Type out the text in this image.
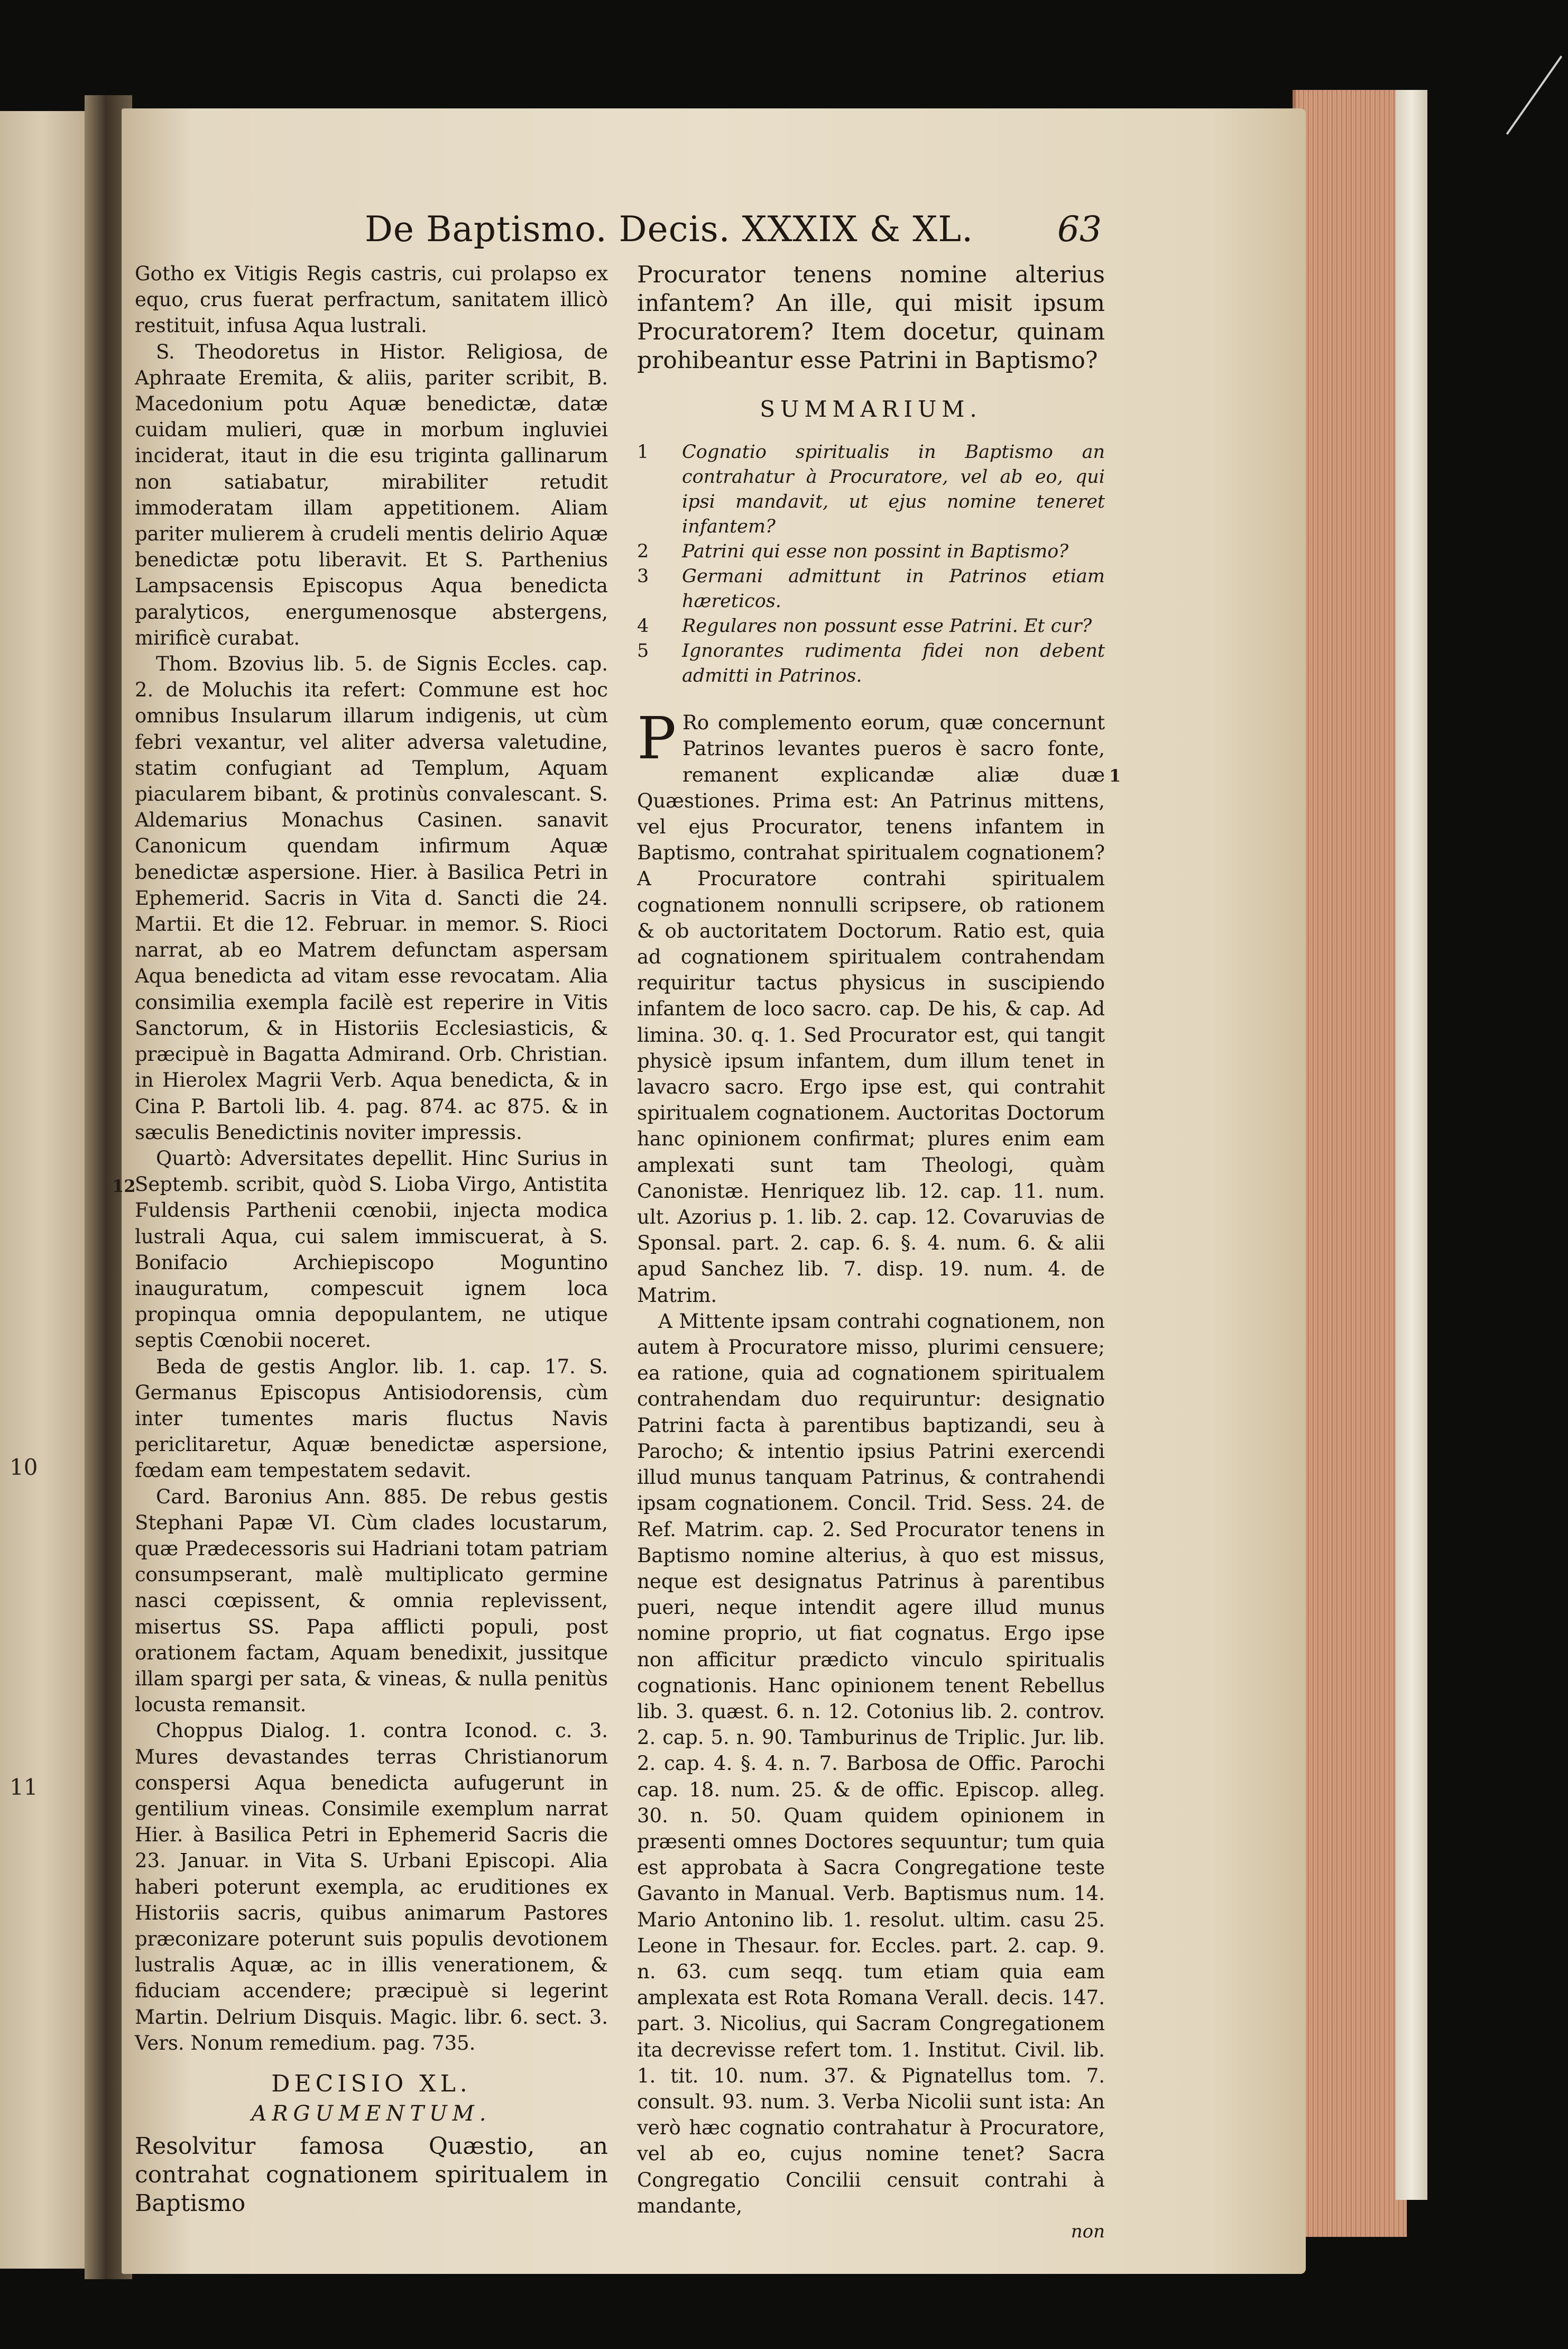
10
11
De Baptismo. Decis. XXXIX & XL. 63
12
1

Gotho ex Vitigis Regis castris, cui prolapso ex equo, crus fuerat perfractum, sanitatem illicò restituit, infusa Aqua lustrali.

S. Theodoretus in Histor. Religiosa, de Aphraate Eremita, & aliis, pariter scribit, B. Macedonium potu Aquæ benedictæ, datæ cuidam mulieri, quæ in morbum ingluviei inciderat, itaut in die esu triginta gallinarum non satiabatur, mirabiliter retudit immoderatam illam appetitionem. Aliam pariter mulierem à crudeli mentis delirio Aquæ benedictæ potu liberavit. Et S. Parthenius Lampsacensis Episcopus Aqua benedicta paralyticos, energumenosque abstergens, mirificè curabat.

Thom. Bzovius lib. 5. de Signis Eccles. cap. 2. de Moluchis ita refert: Commune est hoc omnibus Insularum illarum indigenis, ut cùm febri vexantur, vel aliter adversa valetudine, statim confugiant ad Templum, Aquam piacularem bibant, & protinùs convalescant. S. Aldemarius Monachus Casinen. sanavit Canonicum quendam infirmum Aquæ benedictæ aspersione. Hier. à Basilica Petri in Ephemerid. Sacris in Vita d. Sancti die 24. Martii. Et die 12. Februar. in memor. S. Rioci narrat, ab eo Matrem defunctam aspersam Aqua benedicta ad vitam esse revocatam. Alia consimilia exempla facilè est reperire in Vitis Sanctorum, & in Historiis Ecclesiasticis, & præcipuè in Bagatta Admirand. Orb. Christian. in Hierolex Magrii Verb. Aqua benedicta, & in Cina P. Bartoli lib. 4. pag. 874. ac 875. & in sæculis Benedictinis noviter impressis.

Quartò: Adversitates depellit. Hinc Surius in Septemb. scribit, quòd S. Lioba Virgo, Antistita Fuldensis Parthenii cœnobii, injecta modica lustrali Aqua, cui salem immiscuerat, à S. Bonifacio Archiepiscopo Moguntino inauguratum, compescuit ignem loca propinqua omnia depopulantem, ne utique septis Cœnobii noceret.

Beda de gestis Anglor. lib. 1. cap. 17. S. Germanus Episcopus Antisiodorensis, cùm inter tumentes maris fluctus Navis periclitaretur, Aquæ benedictæ aspersione, fœdam eam tempestatem sedavit.

Card. Baronius Ann. 885. De rebus gestis Stephani Papæ VI. Cùm clades locustarum, quæ Prædecessoris sui Hadriani totam patriam consumpserant, malè multiplicato germine nasci cœpissent, & omnia replevissent, misertus SS. Papa afflicti populi, post orationem factam, Aquam benedixit, jussitque illam spargi per sata, & vineas, & nulla penitùs locusta remansit.

Choppus Dialog. 1. contra Iconod. c. 3. Mures devastandes terras Christianorum conspersi Aqua benedicta aufugerunt in gentilium vineas. Consimile exemplum narrat Hier. à Basilica Petri in Ephemerid Sacris die 23. Januar. in Vita S. Urbani Episcopi. Alia haberi poterunt exempla, ac eruditiones ex Historiis sacris, quibus animarum Pastores præconizare poterunt suis populis devotionem lustralis Aquæ, ac in illis venerationem, & fiduciam accendere; præcipuè si legerint Martin. Delrium Disquis. Magic. libr. 6. sect. 3. Vers. Nonum remedium. pag. 735.

DECISIO XL.
ARGUMENTUM.
Resolvitur famosa Quæstio, an contrahat cognationem spiritualem in Baptismo
Procurator tenens nomine alterius infantem? An ille, qui misit ipsum Procuratorem? Item docetur, quinam prohibeantur esse Patrini in Baptismo?
SUMMARIUM.
1 Cognatio spiritualis in Baptismo an contrahatur à Procuratore, vel ab eo, qui ipsi mandavit, ut ejus nomine teneret infantem?
2 Patrini qui esse non possint in Baptismo?
3 Germani admittunt in Patrinos etiam hæreticos.
4 Regulares non possunt esse Patrini. Et cur?
5 Ignorantes rudimenta fidei non debent admitti in Patrinos.

P Ro complemento eorum, quæ concernunt Patrinos levantes pueros è sacro fonte, remanent explicandæ aliæ duæ Quæstiones. Prima est: An Patrinus mittens, vel ejus Procurator, tenens infantem in Baptismo, contrahat spiritualem cognationem? A Procuratore contrahi spiritualem cognationem nonnulli scripsere, ob rationem & ob auctoritatem Doctorum. Ratio est, quia ad cognationem spiritualem contrahendam requiritur tactus physicus in suscipiendo infantem de loco sacro. cap. De his, & cap. Ad limina. 30. q. 1. Sed Procurator est, qui tangit physicè ipsum infantem, dum illum tenet in lavacro sacro. Ergo ipse est, qui contrahit spiritualem cognationem. Auctoritas Doctorum hanc opinionem confirmat; plures enim eam amplexati sunt tam Theologi, quàm Canonistæ. Henriquez lib. 12. cap. 11. num. ult. Azorius p. 1. lib. 2. cap. 12. Covaruvias de Sponsal. part. 2. cap. 6. §. 4. num. 6. & alii apud Sanchez lib. 7. disp. 19. num. 4. de Matrim.

A Mittente ipsam contrahi cognationem, non autem à Procuratore misso, plurimi censuere; ea ratione, quia ad cognationem spiritualem contrahendam duo requiruntur: designatio Patrini facta à parentibus baptizandi, seu à Parocho; & intentio ipsius Patrini exercendi illud munus tanquam Patrinus, & contrahendi ipsam cognationem. Concil. Trid. Sess. 24. de Ref. Matrim. cap. 2. Sed Procurator tenens in Baptismo nomine alterius, à quo est missus, neque est designatus Patrinus à parentibus pueri, neque intendit agere illud munus nomine proprio, ut fiat cognatus. Ergo ipse non afficitur prædicto vinculo spiritualis cognationis. Hanc opinionem tenent Rebellus lib. 3. quæst. 6. n. 12. Cotonius lib. 2. controv. 2. cap. 5. n. 90. Tamburinus de Triplic. Jur. lib. 2. cap. 4. §. 4. n. 7. Barbosa de Offic. Parochi cap. 18. num. 25. & de offic. Episcop. alleg. 30. n. 50. Quam quidem opinionem in præsenti omnes Doctores sequuntur; tum quia est approbata à Sacra Congregatione teste Gavanto in Manual. Verb. Baptismus num. 14. Mario Antonino lib. 1. resolut. ultim. casu 25. Leone in Thesaur. for. Eccles. part. 2. cap. 9. n. 63. cum seqq. tum etiam quia eam amplexata est Rota Romana Verall. decis. 147. part. 3. Nicolius, qui Sacram Congregationem ita decrevisse refert tom. 1. Institut. Civil. lib. 1. tit. 10. num. 37. & Pignatellus tom. 7. consult. 93. num. 3. Verba Nicolii sunt ista: An verò hæc cognatio contrahatur à Procuratore, vel ab eo, cujus nomine tenet? Sacra Congregatio Concilii censuit contrahi à mandante,

non
